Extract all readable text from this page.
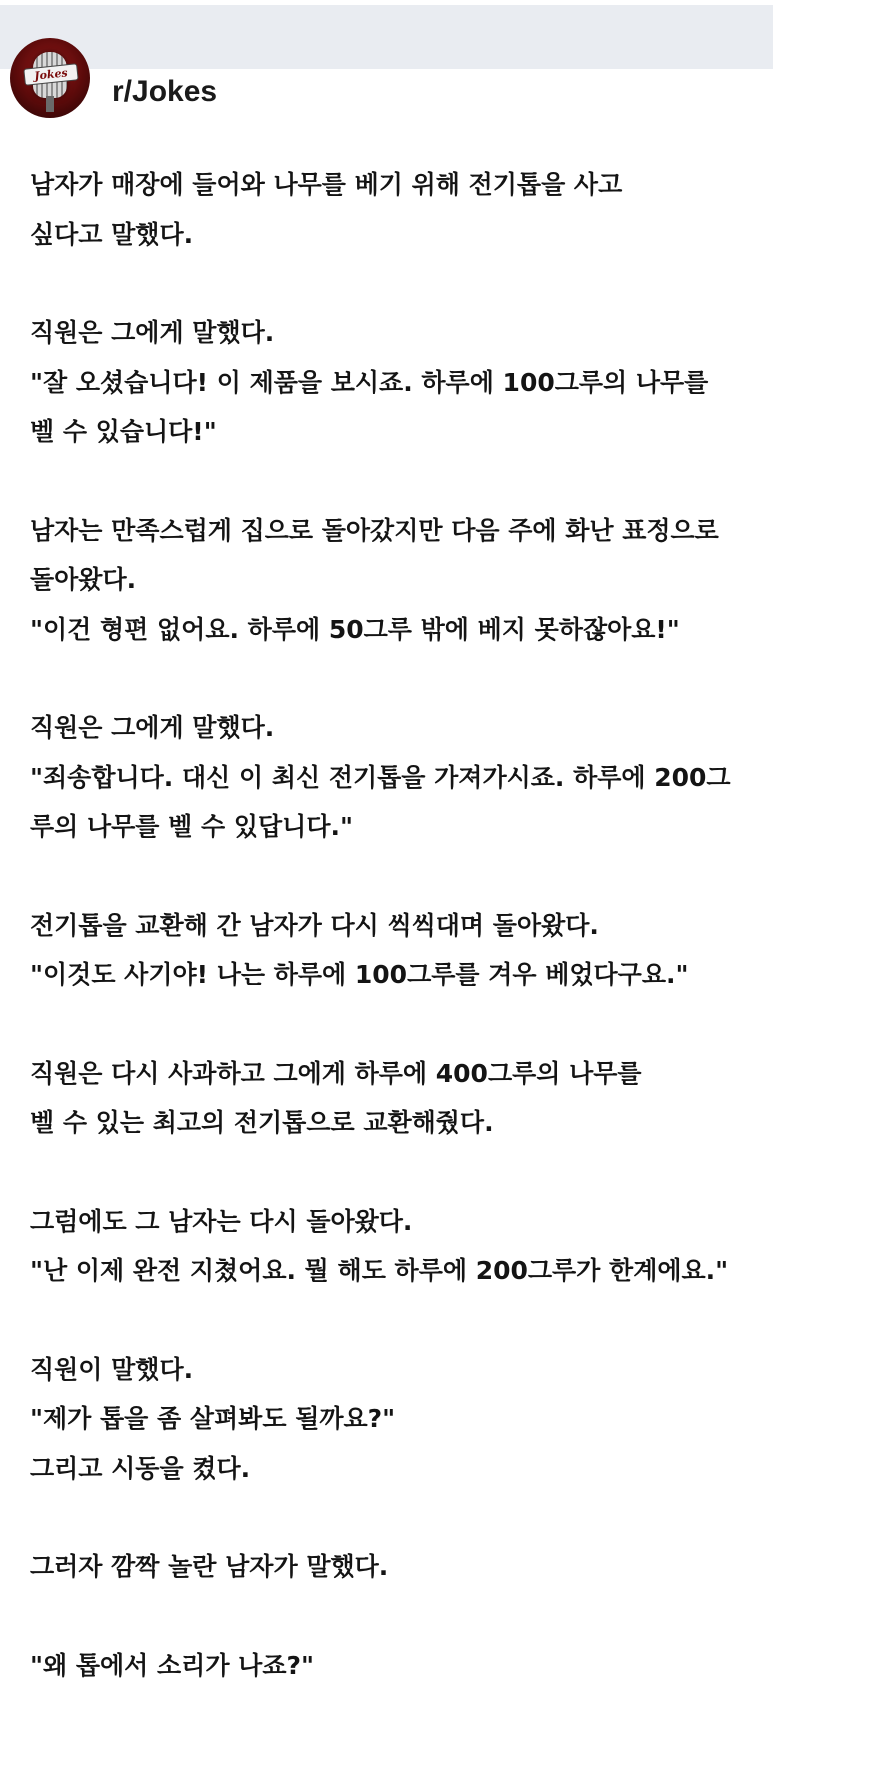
Jokes
r/Jokes
남자가 매장에 들어와 나무를 베기 위해 전기톱을 사고
싶다고 말했다.
직원은 그에게 말했다.
"잘 오셨습니다! 이 제품을 보시죠. 하루에 100그루의 나무를
벨 수 있습니다!"
남자는 만족스럽게 집으로 돌아갔지만 다음 주에 화난 표정으로
돌아왔다.
"이건 형편 없어요. 하루에 50그루 밖에 베지 못하잖아요!"
직원은 그에게 말했다.
"죄송합니다. 대신 이 최신 전기톱을 가져가시죠. 하루에 200그
루의 나무를 벨 수 있답니다."
전기톱을 교환해 간 남자가 다시 씩씩대며 돌아왔다.
"이것도 사기야! 나는 하루에 100그루를 겨우 베었다구요."
직원은 다시 사과하고 그에게 하루에 400그루의 나무를
벨 수 있는 최고의 전기톱으로 교환해줬다.
그럼에도 그 남자는 다시 돌아왔다.
"난 이제 완전 지쳤어요. 뭘 해도 하루에 200그루가 한계에요."
직원이 말했다.
"제가 톱을 좀 살펴봐도 될까요?"
그리고 시동을 켰다.
그러자 깜짝 놀란 남자가 말했다.
"왜 톱에서 소리가 나죠?"
